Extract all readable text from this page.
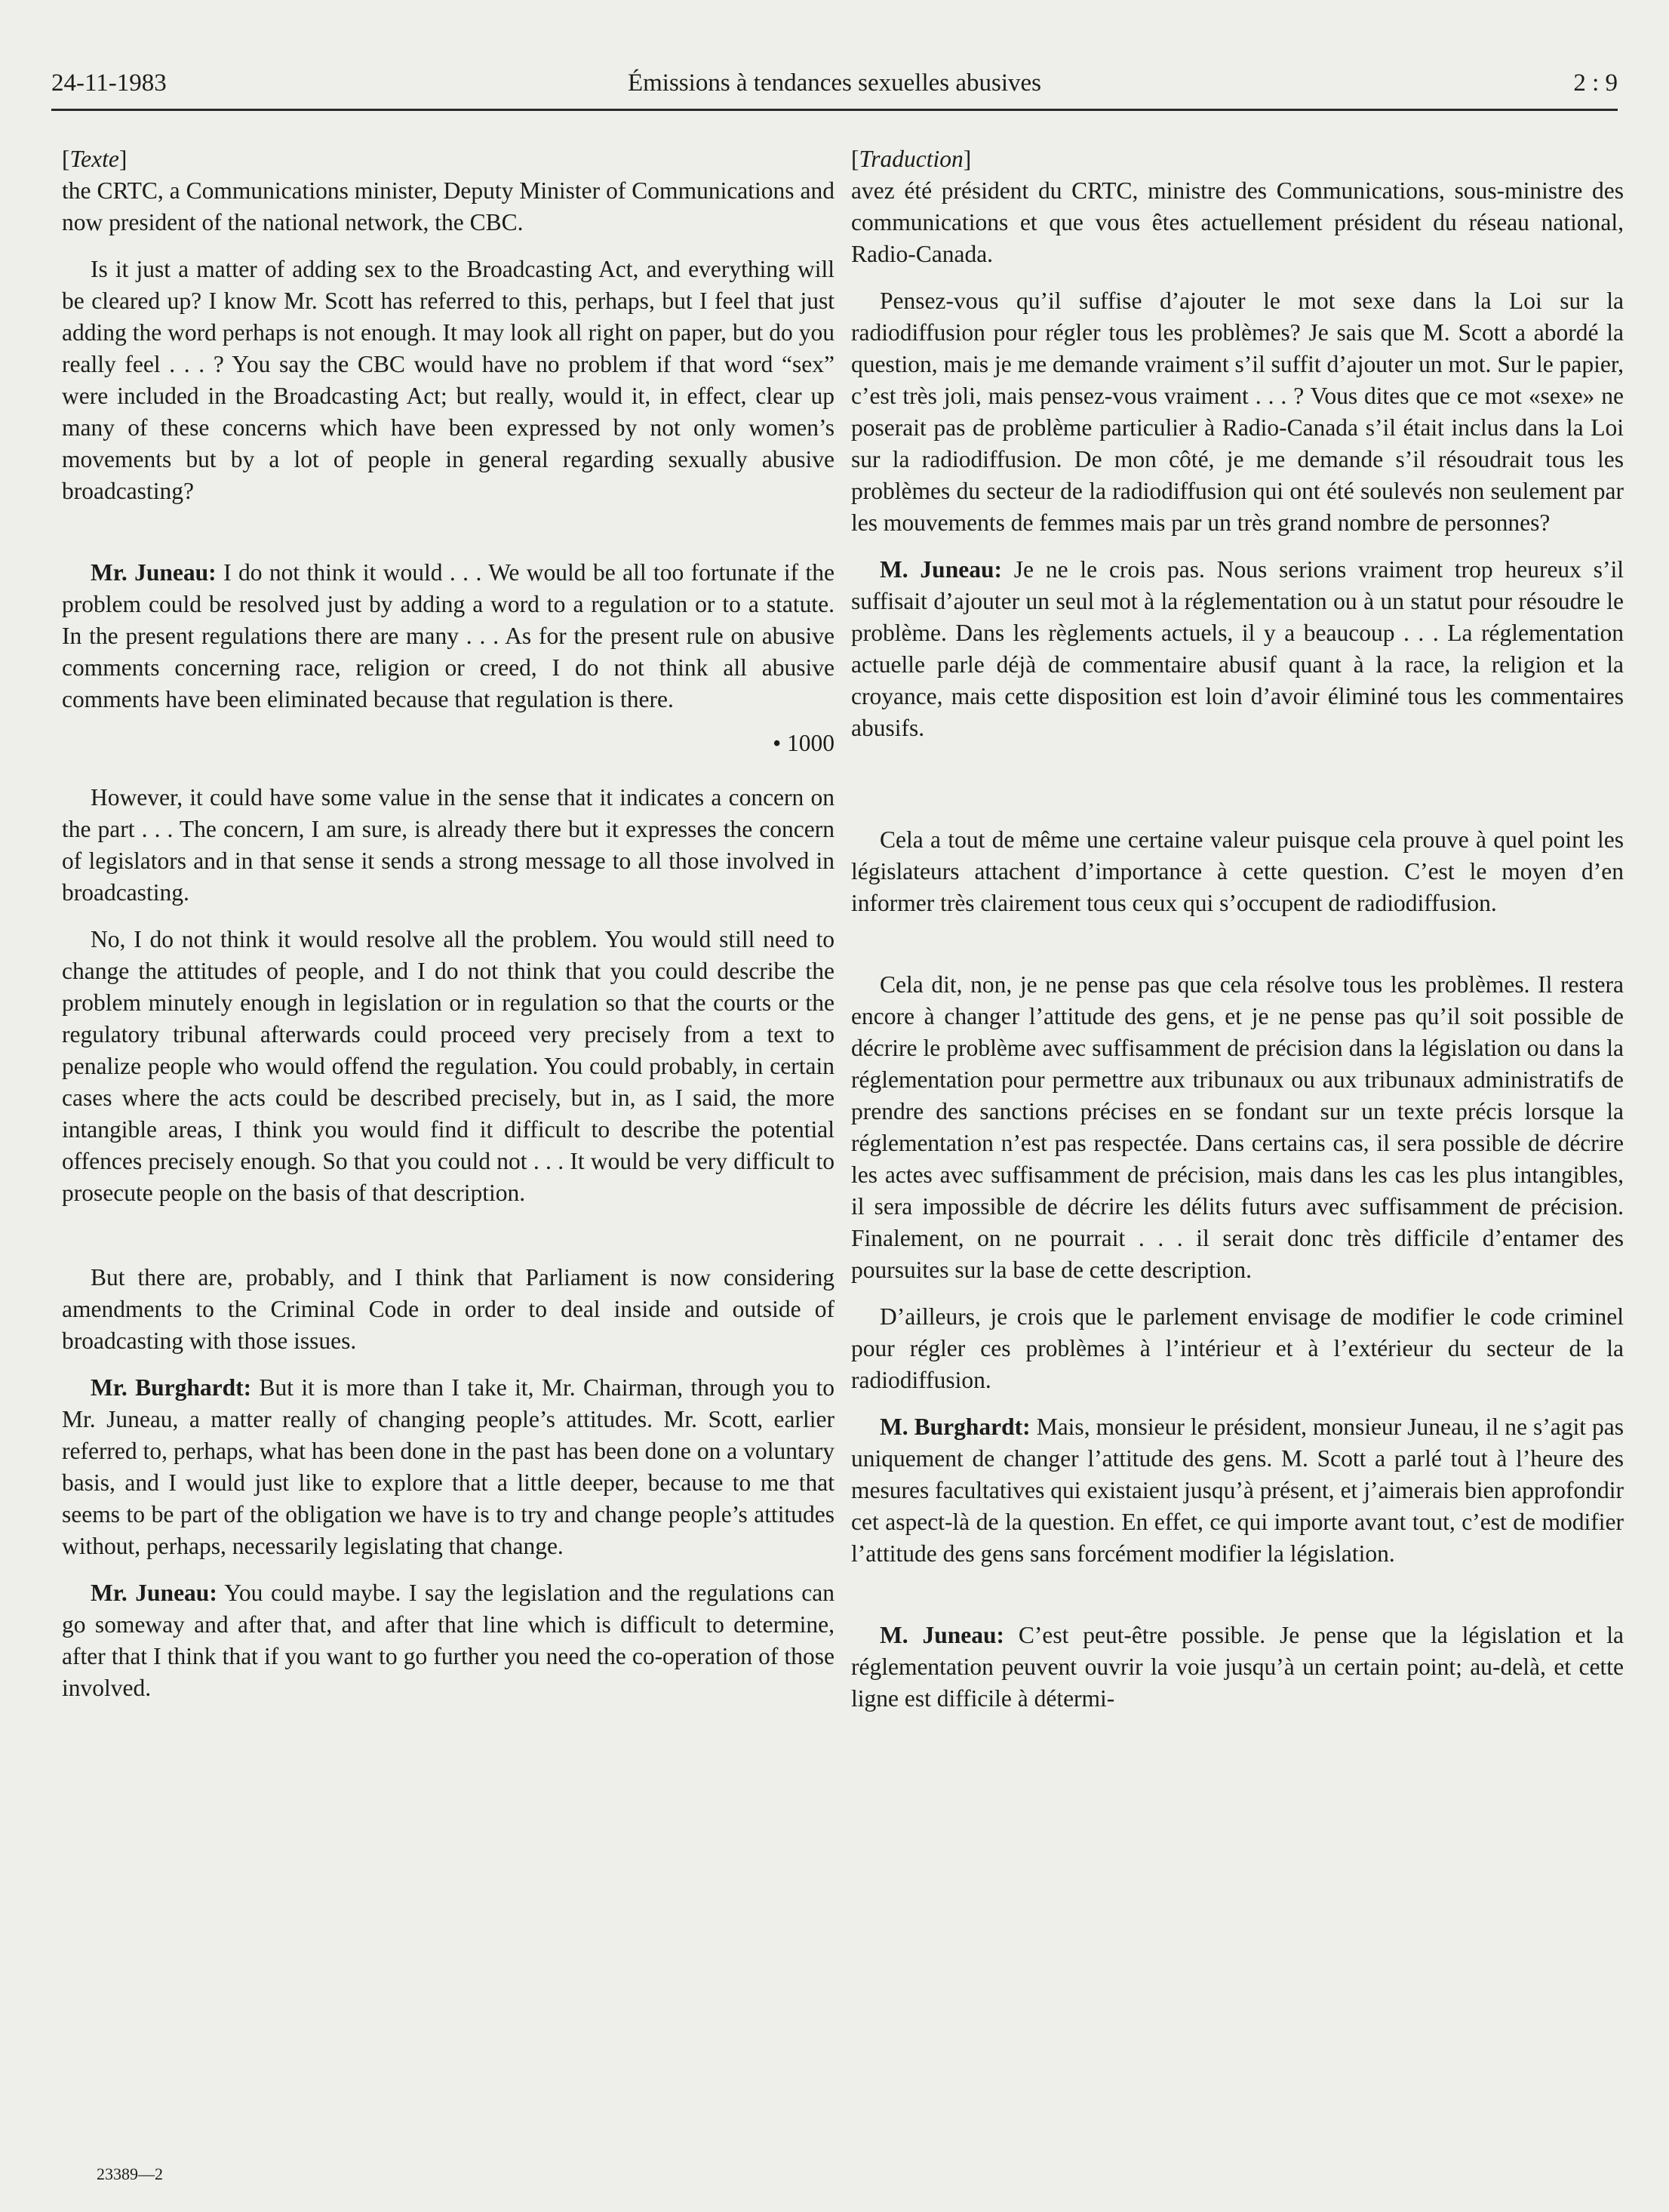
24-11-1983	Émissions à tendances sexuelles abusives	2 : 9

[Texte]

the CRTC, a Communications minister, Deputy Minister of Communications and now president of the national network, the CBC.

Is it just a matter of adding sex to the Broadcasting Act, and everything will be cleared up? I know Mr. Scott has referred to this, perhaps, but I feel that just adding the word perhaps is not enough. It may look all right on paper, but do you really feel . . . ? You say the CBC would have no problem if that word “sex” were included in the Broadcasting Act; but really, would it, in effect, clear up many of these concerns which have been expressed by not only women’s movements but by a lot of people in general regarding sexually abusive broadcasting?

Mr. Juneau: I do not think it would . . . We would be all too fortunate if the problem could be resolved just by adding a word to a regulation or to a statute. In the present regulations there are many . . . As for the present rule on abusive comments concerning race, religion or creed, I do not think all abusive comments have been eliminated because that regulation is there.

• 1000

However, it could have some value in the sense that it indicates a concern on the part . . . The concern, I am sure, is already there but it expresses the concern of legislators and in that sense it sends a strong message to all those involved in broadcasting.

No, I do not think it would resolve all the problem. You would still need to change the attitudes of people, and I do not think that you could describe the problem minutely enough in legislation or in regulation so that the courts or the regulatory tribunal afterwards could proceed very precisely from a text to penalize people who would offend the regulation. You could probably, in certain cases where the acts could be described precisely, but in, as I said, the more intangible areas, I think you would find it difficult to describe the potential offences precisely enough. So that you could not . . . It would be very difficult to prosecute people on the basis of that description.

But there are, probably, and I think that Parliament is now considering amendments to the Criminal Code in order to deal inside and outside of broadcasting with those issues.

Mr. Burghardt: But it is more than I take it, Mr. Chairman, through you to Mr. Juneau, a matter really of changing people’s attitudes. Mr. Scott, earlier referred to, perhaps, what has been done in the past has been done on a voluntary basis, and I would just like to explore that a little deeper, because to me that seems to be part of the obligation we have is to try and change people’s attitudes without, perhaps, necessarily legislating that change.

Mr. Juneau: You could maybe. I say the legislation and the regulations can go someway and after that, and after that line which is difficult to determine, after that I think that if you want to go further you need the co-operation of those involved.

[Traduction]

avez été président du CRTC, ministre des Communications, sous-ministre des communications et que vous êtes actuellement président du réseau national, Radio-Canada.

Pensez-vous qu’il suffise d’ajouter le mot sexe dans la Loi sur la radiodiffusion pour régler tous les problèmes? Je sais que M. Scott a abordé la question, mais je me demande vraiment s’il suffit d’ajouter un mot. Sur le papier, c’est très joli, mais pensez-vous vraiment . . . ? Vous dites que ce mot «sexe» ne poserait pas de problème particulier à Radio-Canada s’il était inclus dans la Loi sur la radiodiffusion. De mon côté, je me demande s’il résoudrait tous les problèmes du secteur de la radiodiffusion qui ont été soulevés non seulement par les mouvements de femmes mais par un très grand nombre de personnes?

M. Juneau: Je ne le crois pas. Nous serions vraiment trop heureux s’il suffisait d’ajouter un seul mot à la réglementation ou à un statut pour résoudre le problème. Dans les règlements actuels, il y a beaucoup . . . La réglementation actuelle parle déjà de commentaire abusif quant à la race, la religion et la croyance, mais cette disposition est loin d’avoir éliminé tous les commentaires abusifs.

Cela a tout de même une certaine valeur puisque cela prouve à quel point les législateurs attachent d’importance à cette question. C’est le moyen d’en informer très clairement tous ceux qui s’occupent de radiodiffusion.

Cela dit, non, je ne pense pas que cela résolve tous les problèmes. Il restera encore à changer l’attitude des gens, et je ne pense pas qu’il soit possible de décrire le problème avec suffisamment de précision dans la législation ou dans la réglementation pour permettre aux tribunaux ou aux tribunaux administratifs de prendre des sanctions précises en se fondant sur un texte précis lorsque la réglementation n’est pas respectée. Dans certains cas, il sera possible de décrire les actes avec suffisamment de précision, mais dans les cas les plus intangibles, il sera impossible de décrire les délits futurs avec suffisamment de précision. Finalement, on ne pourrait . . . il serait donc très difficile d’entamer des poursuites sur la base de cette description.

D’ailleurs, je crois que le parlement envisage de modifier le code criminel pour régler ces problèmes à l’intérieur et à l’extérieur du secteur de la radiodiffusion.

M. Burghardt: Mais, monsieur le président, monsieur Juneau, il ne s’agit pas uniquement de changer l’attitude des gens. M. Scott a parlé tout à l’heure des mesures facultatives qui existaient jusqu’à présent, et j’aimerais bien approfondir cet aspect-là de la question. En effet, ce qui importe avant tout, c’est de modifier l’attitude des gens sans forcément modifier la législation.

M. Juneau: C’est peut-être possible. Je pense que la législation et la réglementation peuvent ouvrir la voie jusqu’à un certain point; au-delà, et cette ligne est difficile à détermi-

23389—2
